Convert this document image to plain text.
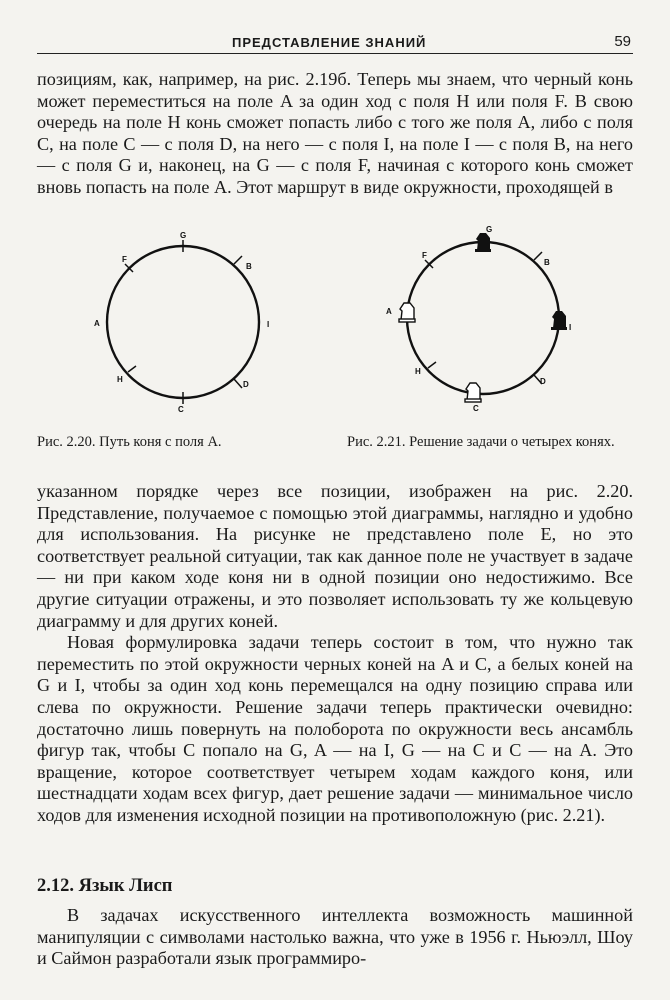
ПРЕДСТАВЛЕНИЕ ЗНАНИЙ	59

позициям, как, например, на рис. 2.19б. Теперь мы знаем, что черный конь может переместиться на поле A за один ход с поля H или поля F. В свою очередь на поле H конь сможет попасть либо с того же поля A, либо с поля C, на поле C — с поля D, на него — с поля I, на поле I — с поля B, на него — с поля G и, наконец, на G — с поля F, начиная с которого конь сможет вновь попасть на поле A. Этот маршрут в виде окружности, проходящей в

G
B
I
D
C
H
A
F
G
B
I
D
C
H
A
F
Рис. 2.20. Путь коня с поля A.	Рис. 2.21. Решение задачи о четырех конях.

указанном порядке через все позиции, изображен на рис. 2.20. Представление, получаемое с помощью этой диаграммы, наглядно и удобно для использования. На рисунке не представлено поле E, но это соответствует реальной ситуации, так как данное поле не участвует в задаче — ни при каком ходе коня ни в одной позиции оно недостижимо. Все другие ситуации отражены, и это позволяет использовать ту же кольцевую диаграмму и для других коней.

Новая формулировка задачи теперь состоит в том, что нужно так переместить по этой окружности черных коней на A и C, а белых коней на G и I, чтобы за один ход конь перемещался на одну позицию справа или слева по окружности. Решение задачи теперь практически очевидно: достаточно лишь повернуть на полоборота по окружности весь ансамбль фигур так, чтобы C попало на G, A — на I, G — на C и C — на A. Это вращение, которое соответствует четырем ходам каждого коня, или шестнадцати ходам всех фигур, дает решение задачи — минимальное число ходов для изменения исходной позиции на противоположную (рис. 2.21).

2.12. Язык Лисп

В задачах искусственного интеллекта возможность машинной манипуляции с символами настолько важна, что уже в 1956 г. Ньюэлл, Шоу и Саймон разработали язык программиро-
